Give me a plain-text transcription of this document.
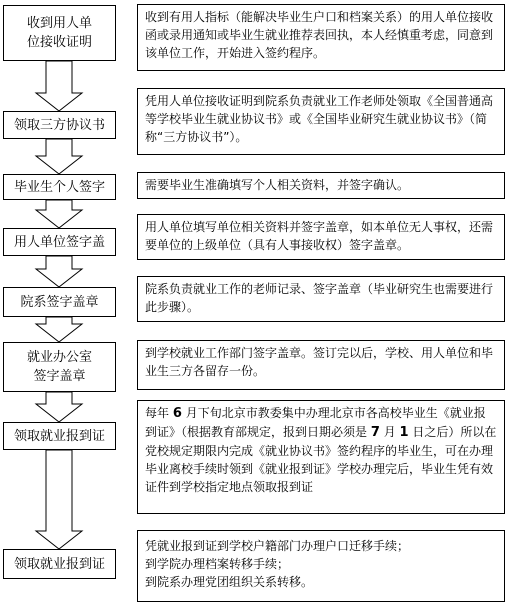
收到用人单
位接收证明
收到有用人指标（能解决毕业生户口和档案关系）的用人单位接收函或录用通知或毕业生就业推荐表回执，本人经慎重考虑，同意到该单位工作，开始进入签约程序。
领取三方协议书
凭用人单位接收证明到院系负责就业工作老师处领取《全国普通高等学校毕业生就业协议书》或《全国毕业研究生就业协议书》（简称“三方协议书”）。
毕业生个人签字	需要毕业生准确填写个人相关资料，并签字确认。
用人单位签字盖
用人单位填写单位相关资料并签字盖章，如本单位无人事权，还需要单位的上级单位（具有人事接收权）签字盖章。
院系签字盖章
院系负责就业工作的老师记录、签字盖章（毕业研究生也需要进行此步骤）。
就业办公室
签字盖章
到学校就业工作部门签字盖章。签订完以后，学校、用人单位和毕业生三方各留存一份。
领取就业报到证
每年 6 月下旬北京市教委集中办理北京市各高校毕业生《就业报到证》（根据教育部规定，报到日期必须是 7 月 1 日之后）所以在党校规定期限内完成《就业协议书》签约程序的毕业生，可在办理毕业离校手续时领到《就业报到证》学校办理完后，毕业生凭有效证件到学校指定地点领取报到证
领取就业报到证
凭就业报到证到学校户籍部门办理户口迁移手续；
到学院办理档案转移手续；
到院系办理党团组织关系转移。
